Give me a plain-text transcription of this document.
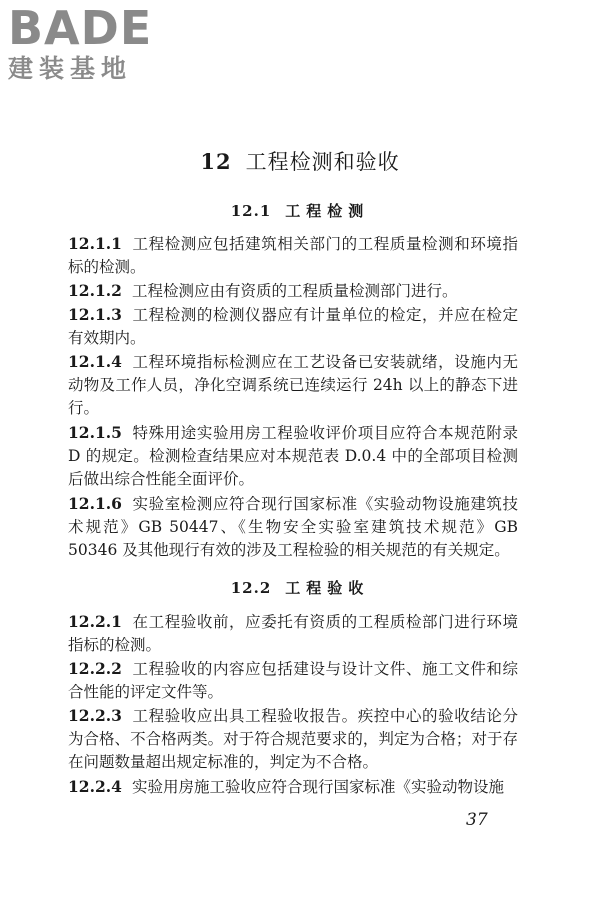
BADE
建装基地
12 工程检测和验收
12.1 工程检测
12.1.1 工程检测应包括建筑相关部门的工程质量检测和环境指标的检测。
12.1.2 工程检测应由有资质的工程质量检测部门进行。
12.1.3 工程检测的检测仪器应有计量单位的检定，并应在检定有效期内。
12.1.4 工程环境指标检测应在工艺设备已安装就绪，设施内无动物及工作人员，净化空调系统已连续运行 24h 以上的静态下进行。
12.1.5 特殊用途实验用房工程验收评价项目应符合本规范附录 D 的规定。检测检查结果应对本规范表 D.0.4 中的全部项目检测后做出综合性能全面评价。
12.1.6 实验室检测应符合现行国家标准《实验动物设施建筑技术规范》GB 50447、《生物安全实验室建筑技术规范》GB 50346 及其他现行有效的涉及工程检验的相关规范的有关规定。
12.2 工程验收
12.2.1 在工程验收前，应委托有资质的工程质检部门进行环境指标的检测。
12.2.2 工程验收的内容应包括建设与设计文件、施工文件和综合性能的评定文件等。
12.2.3 工程验收应出具工程验收报告。疾控中心的验收结论分为合格、不合格两类。对于符合规范要求的，判定为合格；对于存在问题数量超出规定标准的，判定为不合格。
12.2.4 实验用房施工验收应符合现行国家标准《实验动物设施
37
